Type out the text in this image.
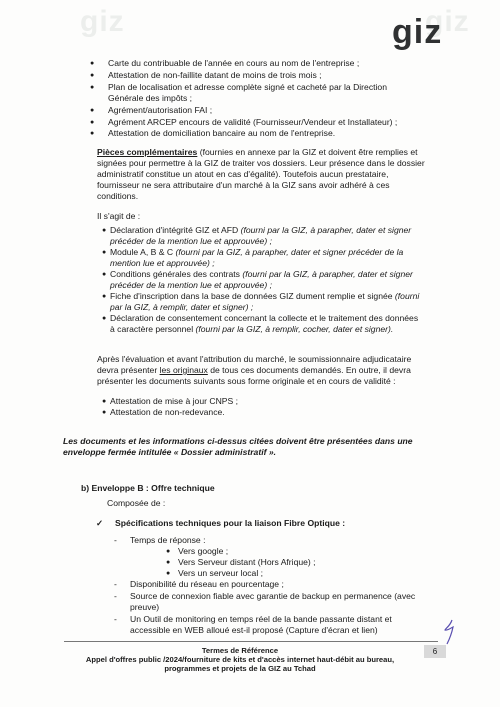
giz	giz
giz
● Carte du contribuable de l'année en cours au nom de l'entreprise ;
● Attestation de non-faillite datant de moins de trois mois ;
● Plan de localisation et adresse complète signé et cacheté par la Direction
Générale des impôts ;
● Agrément/autorisation FAI ;
● Agrément ARCEP encours de validité (Fournisseur/Vendeur et Installateur) ;
● Attestation de domiciliation bancaire au nom de l'entreprise.
Pièces complémentaires (fournies en annexe par la GIZ et doivent être remplies et
signées pour permettre à la GIZ de traiter vos dossiers. Leur présence dans le dossier
administratif constitue un atout en cas d'égalité). Toutefois aucun prestataire,
fournisseur ne sera attributaire d'un marché à la GIZ sans avoir adhéré à ces
conditions.
Il s'agit de :
● Déclaration d'intégrité GIZ et AFD (fourni par la GIZ, à parapher, dater et signer
précéder de la mention lue et approuvée) ;
● Module A, B & C (fourni par la GIZ, à parapher, dater et signer précéder de la
mention lue et approuvée) ;
● Conditions générales des contrats (fourni par la GIZ, à parapher, dater et signer
précéder de la mention lue et approuvée) ;
● Fiche d'inscription dans la base de données GIZ dument remplie et signée (fourni
par la GIZ, à remplir, dater et signer) ;
● Déclaration de consentement concernant la collecte et le traitement des données
à caractère personnel (fourni par la GIZ, à remplir, cocher, dater et signer).
Après l'évaluation et avant l'attribution du marché, le soumissionnaire adjudicataire
devra présenter les originaux de tous ces documents demandés. En outre, il devra
présenter les documents suivants sous forme originale et en cours de validité :
● Attestation de mise à jour CNPS ;
● Attestation de non-redevance.
Les documents et les informations ci-dessus citées doivent être présentées dans une
enveloppe fermée intitulée « Dossier administratif ».
b) Enveloppe B : Offre technique
Composée de :
✓ Spécifications techniques pour la liaison Fibre Optique :
- Temps de réponse :
● Vers google ;
● Vers Serveur distant (Hors Afrique) ;
● Vers un serveur local ;
- Disponibilité du réseau en pourcentage ;
- Source de connexion fiable avec garantie de backup en permanence (avec
preuve)
- Un Outil de monitoring en temps réel de la bande passante distant et
accessible en WEB alloué est-il proposé (Capture d'écran et lien)
6
Termes de Référence
Appel d'offres public /2024/fourniture de kits et d'accès internet haut-débit au bureau,
programmes et projets de la GIZ au Tchad
